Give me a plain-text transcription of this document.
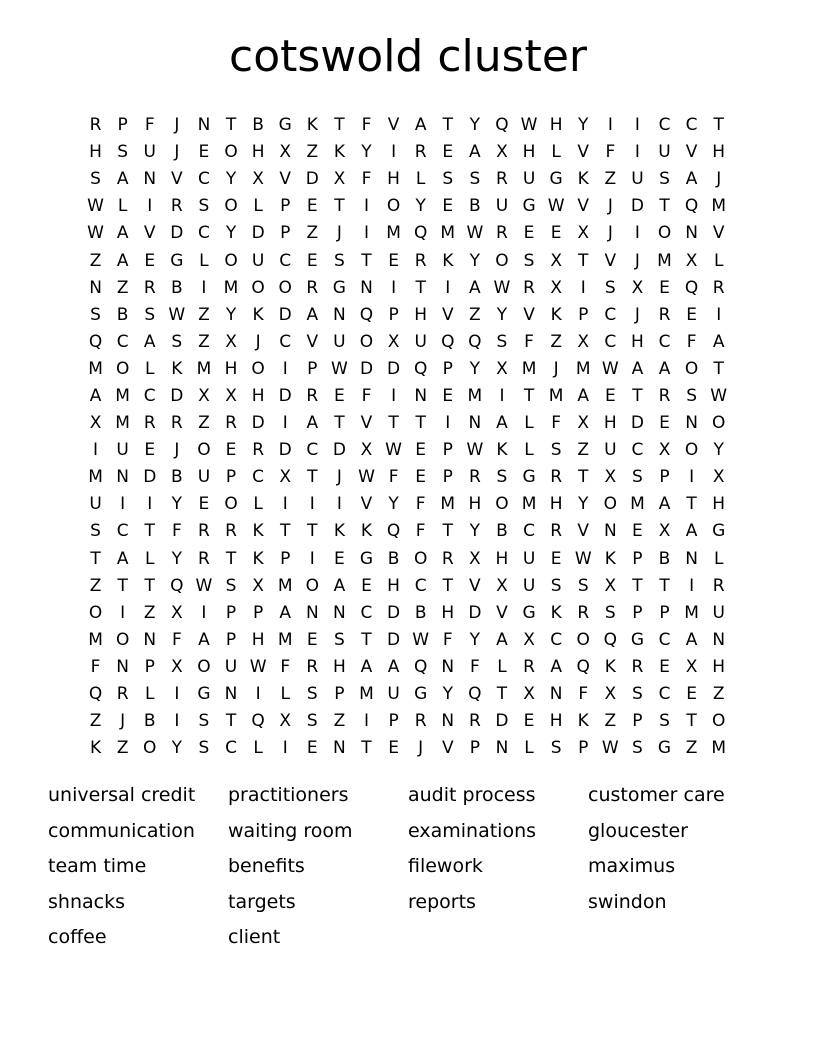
cotswold cluster
R P	F	J	N T B G K T	F V A T Y Q W H Y	I	I	C C T
H S U	J	E O H X Z K Y	I	R E A X H L V F	I	U V H
S A N V C Y X V D X F H L S S R U G K Z U S A	J
W L	I	R S O L	P E T	I	O Y E B U G W V	J	D T Q M
W A V D C Y D P Z	J	I	M Q M W R E E X	J	I	O N V
Z A E G L O U C E S T E R K Y O S X T V	J	M X L
N Z R B	I	M O O R G N	I	T	I	A W R X	I	S X E Q R
S B S W Z Y K D A N Q P H V Z Y V K P C	J	R E	I
Q C A S Z X	J	C V U O X U Q Q S F Z X C H C F A
M O L K M H O	I	P W D D Q P Y X M	J	M W A A O T
A M C D X X H D R E F	I	N E M	I	T M A E T R S W
X M R R Z R D	I	A T V T T	I	N A L	F X H D E N O
I	U E	J	O E R D C D X W E P W K L S Z U C X O Y
M N D B U P C X T	J W F E P R S G R T X S P	I	X
U	I	I	Y E O L	I	I	I	V Y	F M H O M H Y O M A T H
S C T	F R R K T T K K Q F	T Y B C R V N E X A G
T A L	Y R T K P	I	E G B O R X H U E W K P B N L
Z T T Q W S X M O A E H C T V X U S S X T T	I	R
O	I	Z X	I	P P A N N C D B H D V G K R S P P M U
M O N F A P H M E S T D W F	Y A X C O Q G C A N
F N P X O U W F R H A A Q N F	L R A Q K R E X H
Q R L	I	G N	I	L S P M U G Y Q T X N F X S C E Z
Z	J	B	I	S T Q X S Z	I	P R N R D E H K Z P S T O
K Z O Y S C L	I	E N T E	J	V P N L S P W S G Z M
universal credit
communication
team time
shnacks
coffee
practitioners
waiting room
benefits
targets
client
audit process
examinations
filework
reports
customer care
gloucester
maximus
swindon
